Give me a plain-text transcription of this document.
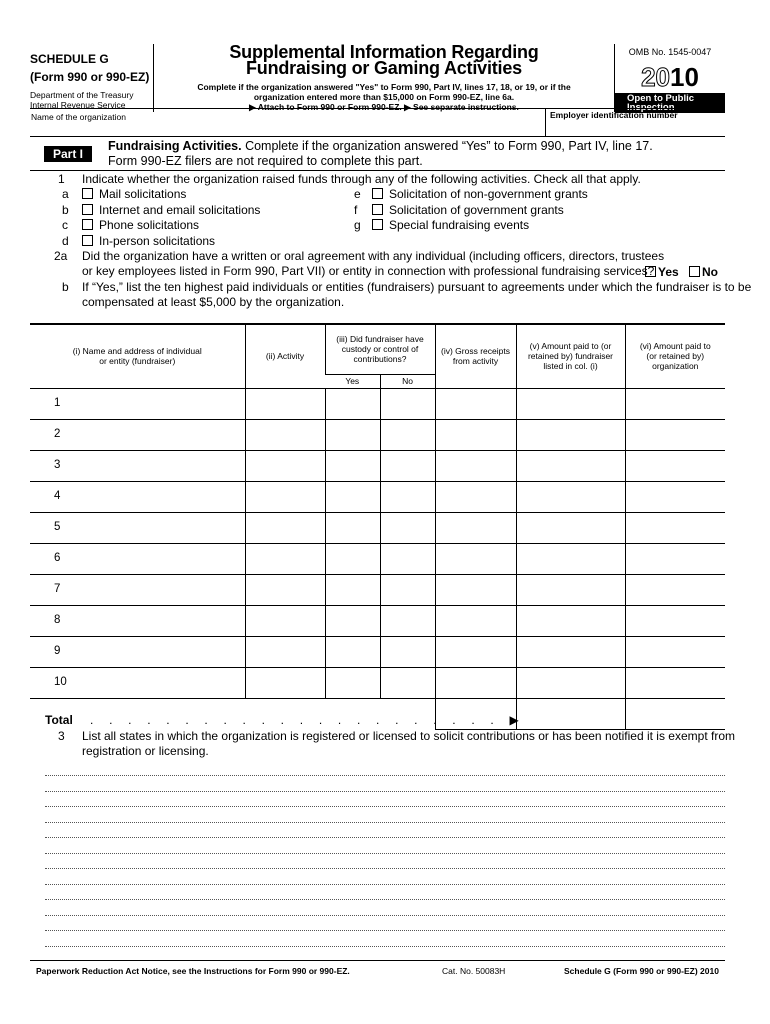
SCHEDULE G
(Form 990 or 990-EZ)
Department of the Treasury
Internal Revenue Service
Supplemental Information Regarding
Fundraising or Gaming Activities
Complete if the organization answered "Yes" to Form 990, Part IV, lines 17, 18, or 19, or if the
organization entered more than $15,000 on Form 990-EZ, line 6a.
▶ Attach to Form 990 or Form 990-EZ. ▶ See separate instructions.
OMB No. 1545-0047
2010
Open to Public
Inspection
Name of the organization	Employer identification number
Part I
Fundraising Activities. Complete if the organization answered “Yes” to Form 990, Part IV, line 17.
Form 990-EZ filers are not required to complete this part.
1 Indicate whether the organization raised funds through any of the following activities. Check all that apply.
a	Mail solicitations
b	Internet and email solicitations
c	Phone solicitations
d	In-person solicitations
e	Solicitation of non-government grants
f	Solicitation of government grants
g	Special fundraising events
2a Did the organization have a written or oral agreement with any individual (including officers, directors, trustees
or key employees listed in Form 990, Part VII) or entity in connection with professional fundraising services? Yes	No
b If “Yes,” list the ten highest paid individuals or entities (fundraisers) pursuant to agreements under which the fundraiser is to be
compensated at least $5,000 by the organization.
(i) Name and address of individual or entity (fundraiser)	(ii) Activity	(iii) Did fundraiser have custody or control of contributions?		(iv) Gross receipts from activity	(v) Amount paid to (or retained by) fundraiser listed in col. (i)	(vi) Amount paid to (or retained by) organization
		Yes	No			
1						
2						
3						
4						
5						
6						
7						
8						
9						
10						

Total . . . . . . . . . . . . . . . . . . . . . . ▶
3 List all states in which the organization is registered or licensed to solicit contributions or has been notified it is exempt from
registration or licensing.
Paperwork Reduction Act Notice, see the Instructions for Form 990 or 990-EZ.	Cat. No. 50083H	Schedule G (Form 990 or 990-EZ) 2010
